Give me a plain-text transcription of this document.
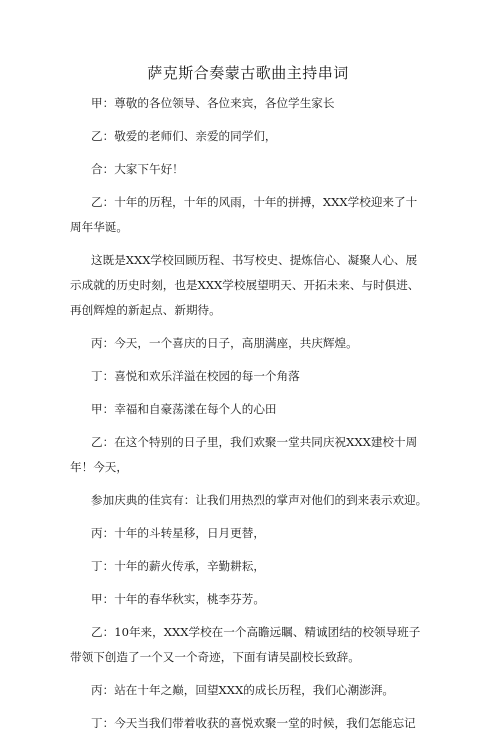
萨克斯合奏蒙古歌曲主持串词
甲：尊敬的各位领导、各位来宾，各位学生家长
乙：敬爱的老师们、亲爱的同学们，
合：大家下午好！
乙：十年的历程，十年的风雨，十年的拼搏，XXX学校迎来了十
周年华诞。
这既是XXX学校回顾历程、书写校史、提炼信心、凝聚人心、展
示成就的历史时刻，也是XXX学校展望明天、开拓未来、与时俱进、
再创辉煌的新起点、新期待。
丙：今天，一个喜庆的日子，高朋满座，共庆辉煌。
丁：喜悦和欢乐洋溢在校园的每一个角落
甲：幸福和自豪荡漾在每个人的心田
乙：在这个特别的日子里，我们欢聚一堂共同庆祝XXX建校十周
年！今天，
参加庆典的佳宾有：让我们用热烈的掌声对他们的到来表示欢迎。
丙：十年的斗转星移，日月更替，
丁：十年的薪火传承，辛勤耕耘，
甲：十年的春华秋实，桃李芬芳。
乙：10年来，XXX学校在一个高瞻远瞩、精诚团结的校领导班子
带领下创造了一个又一个奇迹，下面有请吴副校长致辞。
丙：站在十年之巅，回望XXX的成长历程，我们心潮澎湃。
丁：今天当我们带着收获的喜悦欢聚一堂的时候，我们怎能忘记
